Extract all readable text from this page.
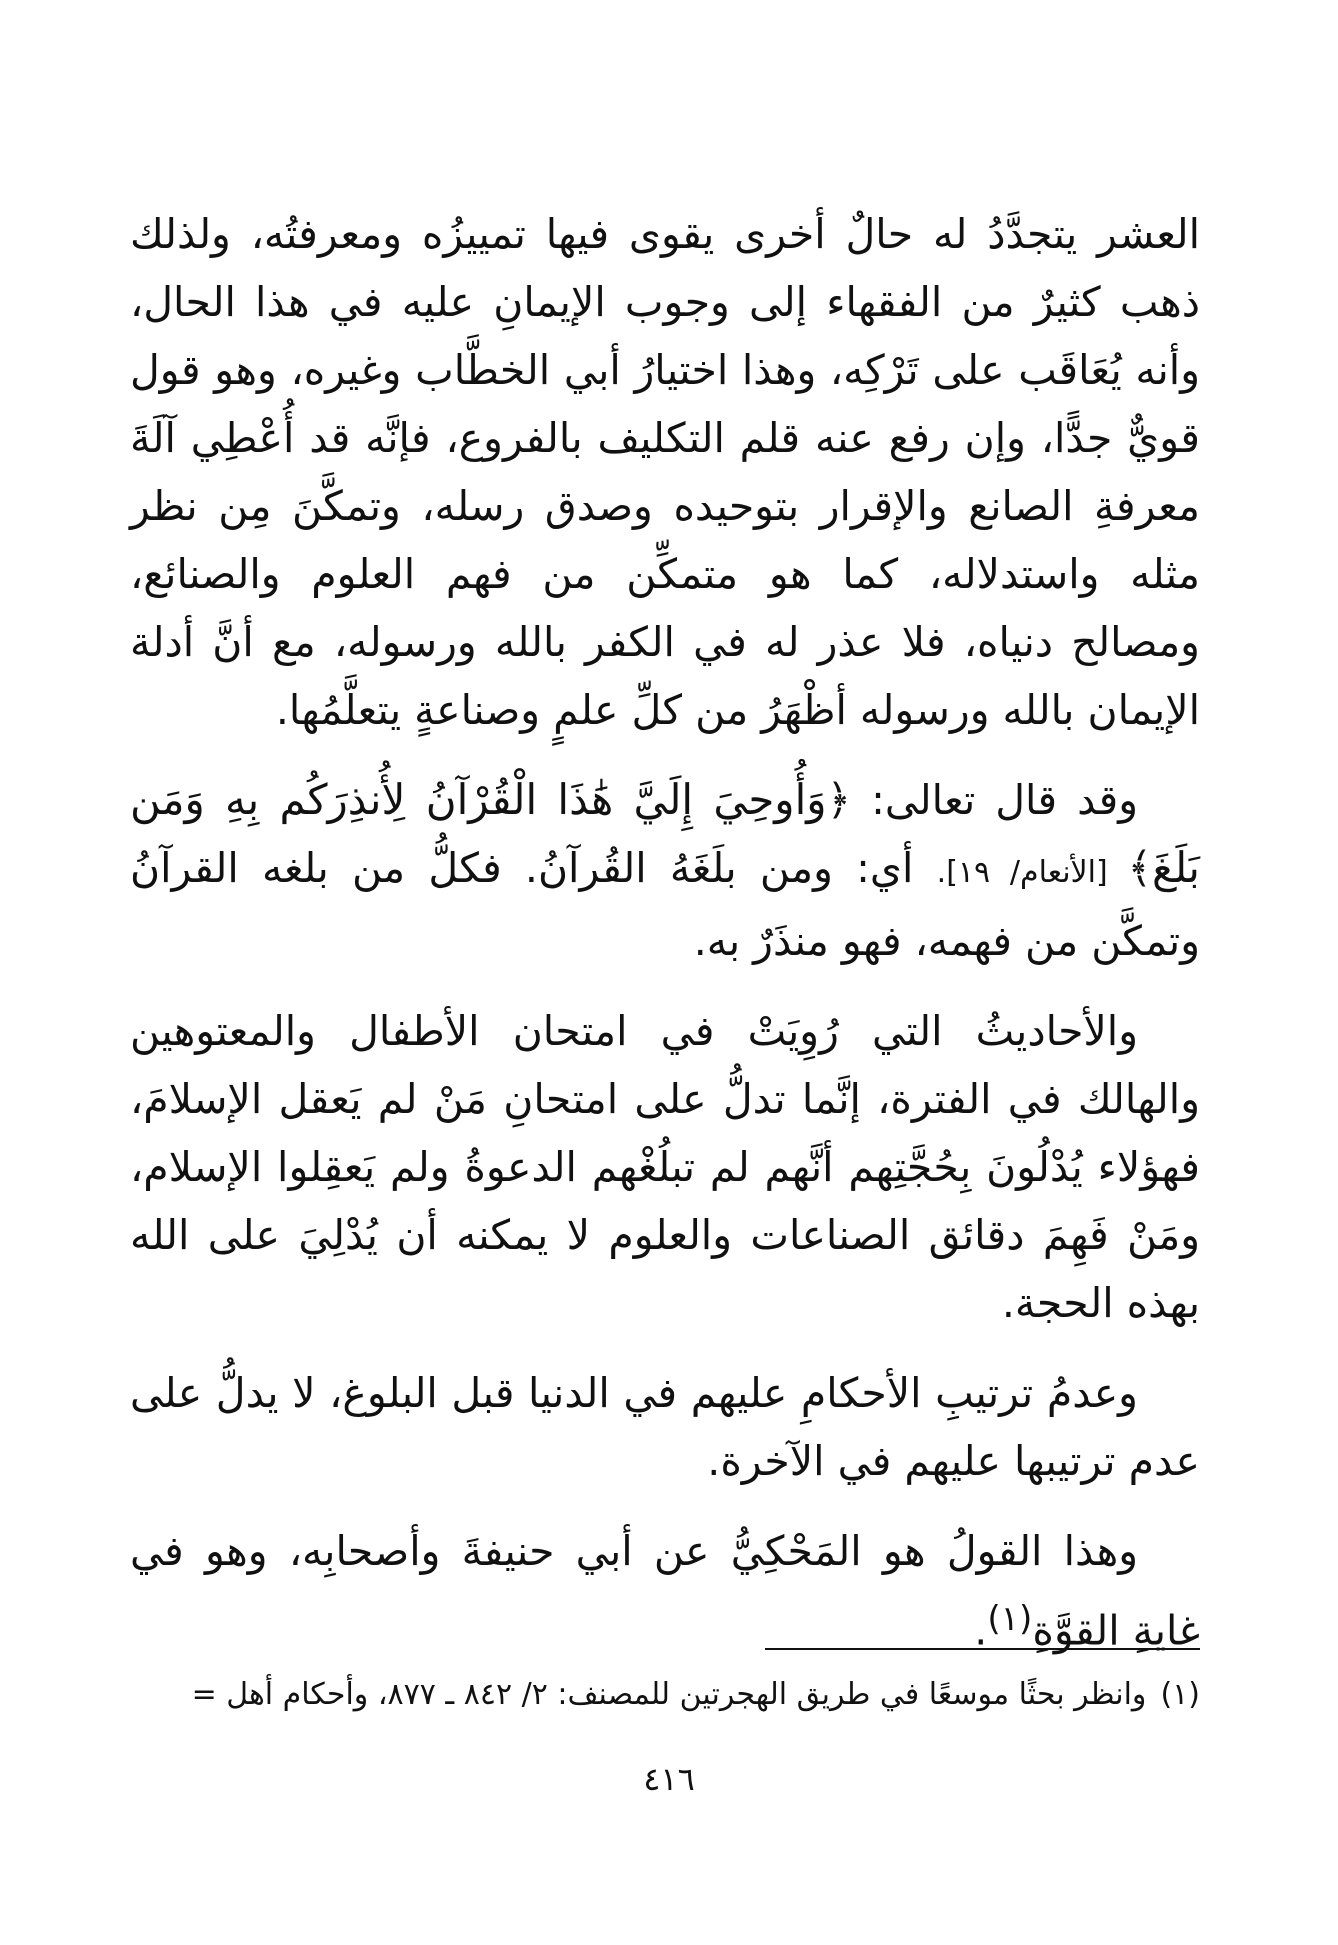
العشر يتجدَّدُ له حالٌ أخرى يقوى فيها تمييزُه ومعرفتُه، ولذلك ذهب كثيرٌ من الفقهاء إلى وجوب الإيمانِ عليه في هذا الحال، وأنه يُعَاقَب على تَرْكِه، وهذا اختيارُ أبي الخطَّاب وغيره، وهو قول قويٌّ جدًّا، وإن رفع عنه قلم التكليف بالفروع، فإنَّه قد أُعْطِي آلَةَ معرفةِ الصانع والإقرار بتوحيده وصدق رسله، وتمكَّنَ مِن نظر مثله واستدلاله، كما هو متمكِّن من فهم العلوم والصنائع، ومصالح دنياه، فلا عذر له في الكفر بالله ورسوله، مع أنَّ أدلة الإيمان بالله ورسوله أظْهَرُ من كلِّ علمٍ وصناعةٍ يتعلَّمُها.

وقد قال تعالى: ﴿وَأُوحِيَ إِلَيَّ هَٰذَا الْقُرْآنُ لِأُنذِرَكُم بِهِ وَمَن بَلَغَ﴾ [الأنعام/ ١٩]. أي: ومن بلَغَهُ القُرآنُ. فكلُّ من بلغه القرآنُ وتمكَّن من فهمه، فهو منذَرٌ به.

والأحاديثُ التي رُوِيَتْ في امتحان الأطفال والمعتوهين والهالك في الفترة، إنَّما تدلُّ على امتحانِ مَنْ لم يَعقل الإسلامَ، فهؤلاء يُدْلُونَ بِحُجَّتِهم أنَّهم لم تبلُغْهم الدعوةُ ولم يَعقِلوا الإسلام، ومَنْ فَهِمَ دقائق الصناعات والعلوم لا يمكنه أن يُدْلِيَ على الله بهذه الحجة.

وعدمُ ترتيبِ الأحكامِ عليهم في الدنيا قبل البلوغ، لا يدلُّ على عدم ترتيبها عليهم في الآخرة.

وهذا القولُ هو المَحْكِيُّ عن أبي حنيفةَ وأصحابِه، وهو في غايةِ القوَّةِ$^{(١)}$.

(١)وانظر بحثًا موسعًا في طريق الهجرتين للمصنف: ٢/ ٨٤٢ ـ ٨٧٧، وأحكام أهل =
٤١٦
